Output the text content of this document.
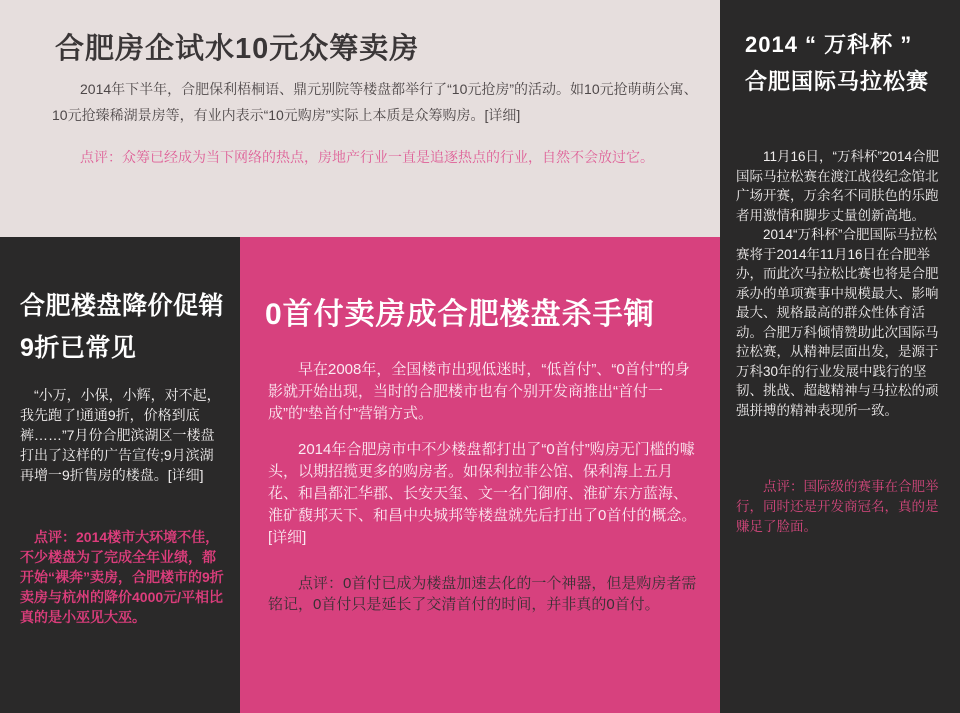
合肥房企试水10元众筹卖房

2014年下半年，合肥保利梧桐语、鼎元别院等楼盘都举行了“10元抢房”的活动。如10元抢萌萌公寓、10元抢臻稀湖景房等，有业内表示“10元购房”实际上本质是众筹购房。[详细]

点评：众筹已经成为当下网络的热点，房地产行业一直是追逐热点的行业，自然不会放过它。

合肥楼盘降价促销
9折已常见

“小万，小保，小辉，对不起，我先跑了!通通9折，价格到底裤……”7月份合肥滨湖区一楼盘打出了这样的广告宣传;9月滨湖再增一9折售房的楼盘。[详细]

点评：2014楼市大环境不佳，不少楼盘为了完成全年业绩，都开始“裸奔”卖房，合肥楼市的9折卖房与杭州的降价4000元/平相比真的是小巫见大巫。

0首付卖房成合肥楼盘杀手锏

早在2008年，全国楼市出现低迷时，“低首付”、“0首付”的身影就开始出现，当时的合肥楼市也有个别开发商推出“首付一成”的“垫首付”营销方式。

2014年合肥房市中不少楼盘都打出了“0首付”购房无门槛的噱头，以期招揽更多的购房者。如保利拉菲公馆、保利海上五月花、和昌都汇华郡、长安天玺、文一名门御府、淮矿东方蓝海、淮矿馥邦天下、和昌中央城邦等楼盘就先后打出了0首付的概念。[详细]

点评：0首付已成为楼盘加速去化的一个神器，但是购房者需铭记，0首付只是延长了交清首付的时间，并非真的0首付。

2014 “ 万科杯 ”
合肥国际马拉松赛

11月16日，“万科杯”2014合肥国际马拉松赛在渡江战役纪念馆北广场开赛，万余名不同肤色的乐跑者用激情和脚步丈量创新高地。

2014“万科杯”合肥国际马拉松赛将于2014年11月16日在合肥举办，而此次马拉松比赛也将是合肥承办的单项赛事中规模最大、影响最大、规格最高的群众性体育活动。合肥万科倾情赞助此次国际马拉松赛，从精神层面出发，是源于万科30年的行业发展中践行的坚韧、挑战、超越精神与马拉松的顽强拼搏的精神表现所一致。

点评：国际级的赛事在合肥举行，同时还是开发商冠名，真的是赚足了脸面。
